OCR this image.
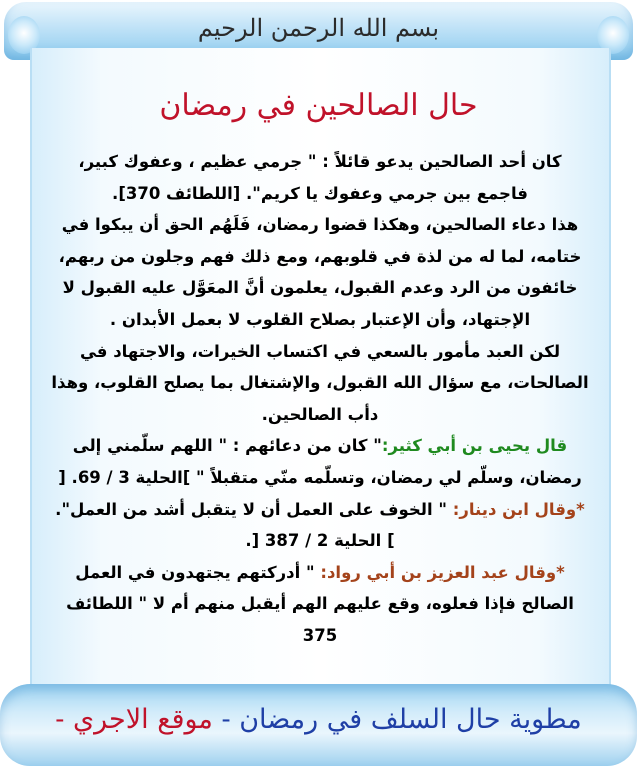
بسم الله الرحمن الرحيم
حال الصالحين في رمضان

كان أحد الصالحين يدعو قائلاً : " جرمي عظيم ، وعفوك كبير،

فاجمع بين جرمي وعفوك يا كريم". [اللطائف 370].

هذا دعاء الصالحين، وهكذا قضوا رمضان، فَلَهُم الحق أن يبكوا في

ختامه، لما له من لذة في قلوبهم، ومع ذلك فهم وجلون من ربهم،

خائفون من الرد وعدم القبول، يعلمون أنَّ المعَوَّل عليه القبول لا

الإجتهاد، وأن الإعتبار بصلاح القلوب لا بعمل الأبدان .

لكن العبد مأمور بالسعي في اكتساب الخيرات، والاجتهاد في

الصالحات، مع سؤال الله القبول، والإشتغال بما يصلح القلوب، وهذا

دأب الصالحين.

قال يحيى بن أبي كثير:" كان من دعائهم : " اللهم سلّمني إلى

رمضان، وسلّم لي رمضان، وتسلّمه منّي متقبلاً " ]الحلية 3 / 69. [

*وقال ابن دينار: " الخوف على العمل أن لا يتقبل أشد من العمل".

] الحلية 2 / 387 [.

*وقال عبد العزيز بن أبي رواد: " أدركتهم يجتهدون في العمل

الصالح فإذا فعلوه، وقع عليهم الهم أيقبل منهم أم لا " اللطائف 375

مطوية حال السلف في رمضان - موقع الاجري -
